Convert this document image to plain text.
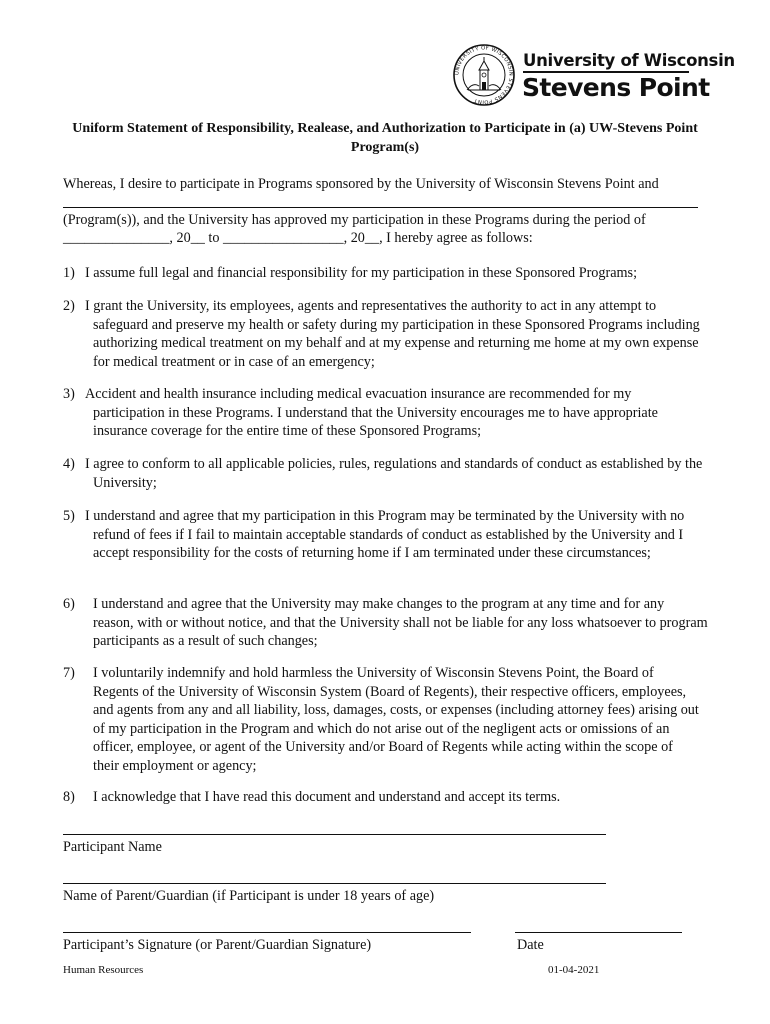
UNIVERSITY OF WISCONSIN STEVENS POINT
University of Wisconsin
Stevens Point
Uniform Statement of Responsibility, Realease, and Authorization to Participate in (a) UW-Stevens Point Program(s)
Whereas, I desire to participate in Programs sponsored by the University of Wisconsin Stevens Point and
(Program(s)), and the University has approved my participation in these Programs during the period of
_______________, 20__ to _________________, 20__, I hereby agree as follows:
1) I assume full legal and financial responsibility for my participation in these Sponsored Programs;
2) I grant the University, its employees, agents and representatives the authority to act in any attempt to safeguard and preserve my health or safety during my participation in these Sponsored Programs including authorizing medical treatment on my behalf and at my expense and returning me home at my own expense for medical treatment or in case of an emergency;
3) Accident and health insurance including medical evacuation insurance are recommended for my participation in these Programs. I understand that the University encourages me to have appropriate insurance coverage for the entire time of these Sponsored Programs;
4) I agree to conform to all applicable policies, rules, regulations and standards of conduct as established by the University;
5) I understand and agree that my participation in this Program may be terminated by the University with no refund of fees if I fail to maintain acceptable standards of conduct as established by the University and I accept responsibility for the costs of returning home if I am terminated under these circumstances;
6)	I understand and agree that the University may make changes to the program at any time and for any reason, with or without notice, and that the University shall not be liable for any loss whatsoever to program participants as a result of such changes;
7)	I voluntarily indemnify and hold harmless the University of Wisconsin Stevens Point, the Board of Regents of the University of Wisconsin System (Board of Regents), their respective officers, employees, and agents from any and all liability, loss, damages, costs, or expenses (including attorney fees) arising out of my participation in the Program and which do not arise out of the negligent acts or omissions of an officer, employee, or agent of the University and/or Board of Regents while acting within the scope of their employment or agency;
8)	I acknowledge that I have read this document and understand and accept its terms.
Participant Name
Name of Parent/Guardian (if Participant is under 18 years of age)
Participant’s Signature (or Parent/Guardian Signature)	Date
Human Resources	01-04-2021
